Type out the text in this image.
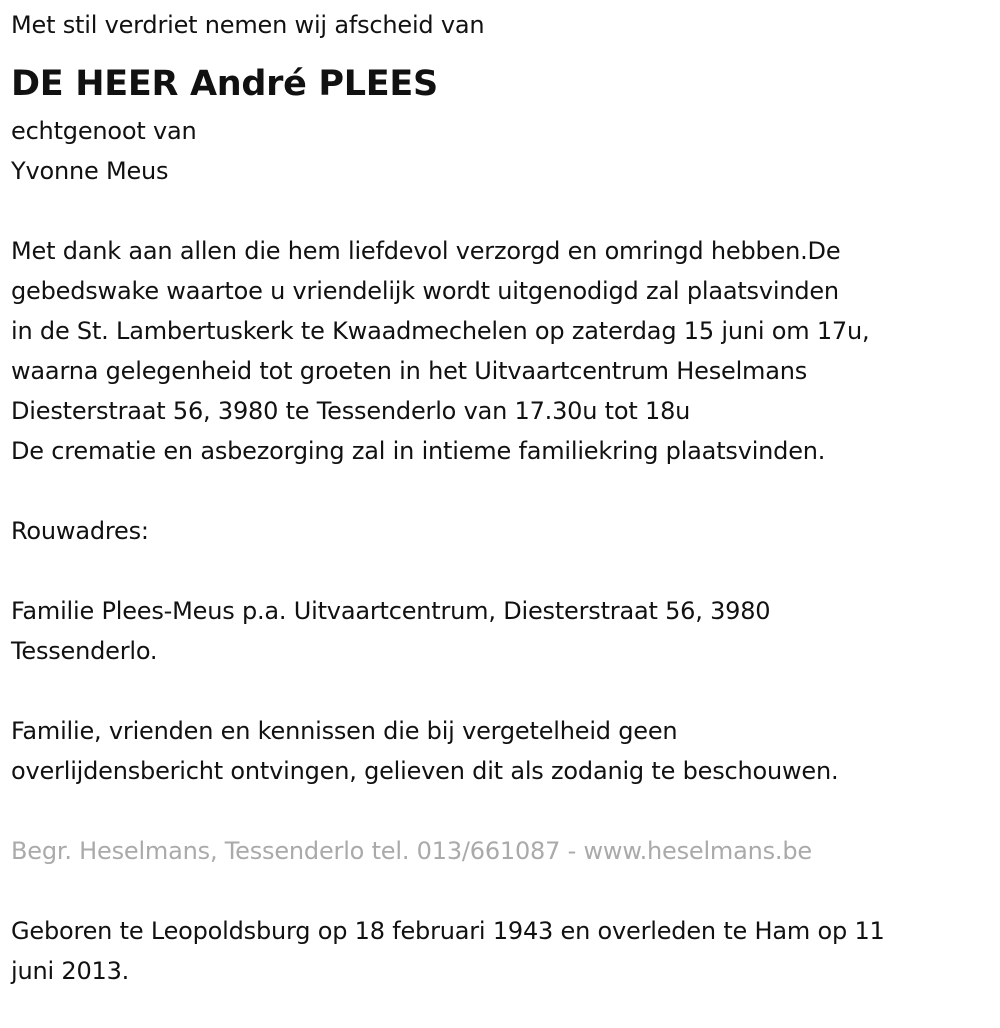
Met stil verdriet nemen wij afscheid van
DE HEER André PLEES
echtgenoot van
Yvonne Meus
Met dank aan allen die hem liefdevol verzorgd en omringd hebben.De
gebedswake waartoe u vriendelijk wordt uitgenodigd zal plaatsvinden
in de St. Lambertuskerk te Kwaadmechelen op zaterdag 15 juni om 17u,
waarna gelegenheid tot groeten in het Uitvaartcentrum Heselmans
Diesterstraat 56, 3980 te Tessenderlo van 17.30u tot 18u
De crematie en asbezorging zal in intieme familiekring plaatsvinden.
Rouwadres:
Familie Plees-Meus p.a. Uitvaartcentrum, Diesterstraat 56, 3980
Tessenderlo.
Familie, vrienden en kennissen die bij vergetelheid geen
overlijdensbericht ontvingen, gelieven dit als zodanig te beschouwen.
Begr. Heselmans, Tessenderlo tel. 013/661087 - www.heselmans.be
Geboren te Leopoldsburg op 18 februari 1943 en overleden te Ham op 11
juni 2013.
